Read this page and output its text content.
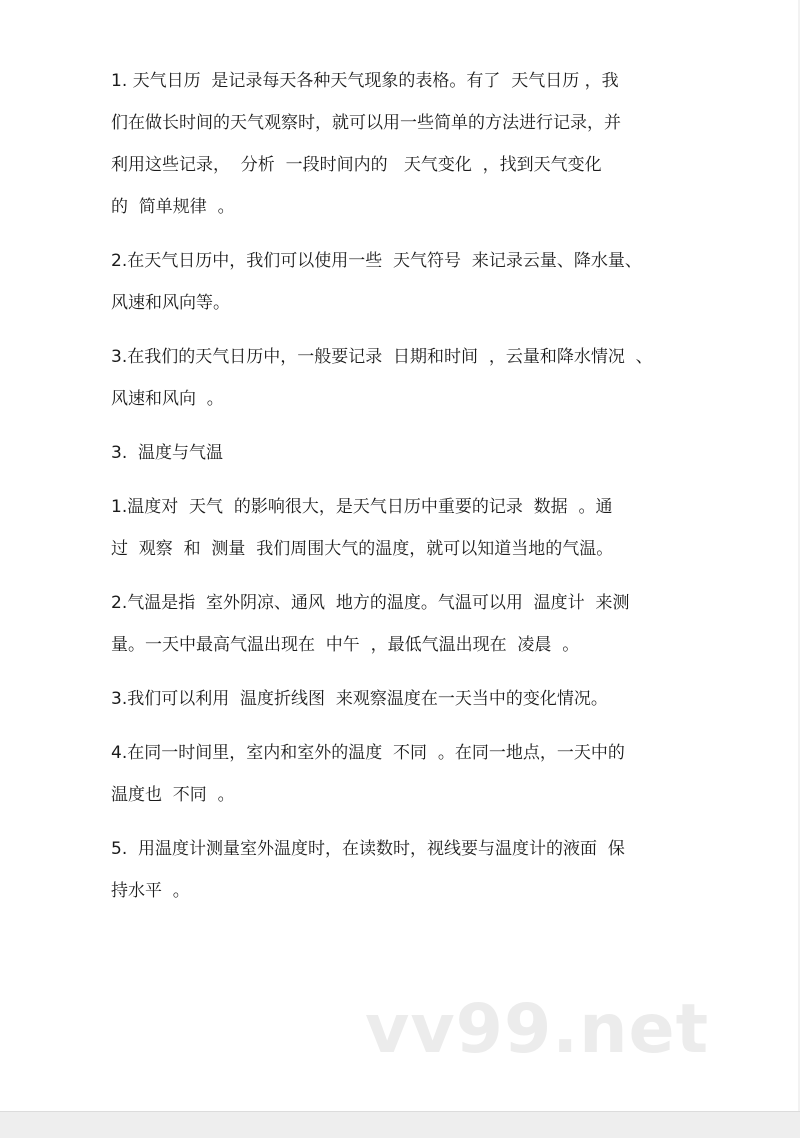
1. 天气日历  是记录每天各种天气现象的表格。有了  天气日历 ，我
们在做长时间的天气观察时，就可以用一些简单的方法进行记录，并
利用这些记录，  分析  一段时间内的   天气变化  ，找到天气变化
的  简单规律  。

2.在天气日历中，我们可以使用一些  天气符号  来记录云量、降水量、
风速和风向等。

3.在我们的天气日历中，一般要记录  日期和时间  ，云量和降水情况  、
风速和风向  。

3.  温度与气温

1.温度对  天气  的影响很大，是天气日历中重要的记录  数据  。通
过  观察  和  测量  我们周围大气的温度，就可以知道当地的气温。

2.气温是指  室外阴凉、通风  地方的温度。气温可以用  温度计  来测
量。一天中最高气温出现在  中午  ，最低气温出现在  凌晨  。

3.我们可以利用  温度折线图  来观察温度在一天当中的变化情况。

4.在同一时间里，室内和室外的温度  不同  。在同一地点，一天中的
温度也  不同  。

5.  用温度计测量室外温度时，在读数时，视线要与温度计的液面  保
持水平  。

vv99.net
